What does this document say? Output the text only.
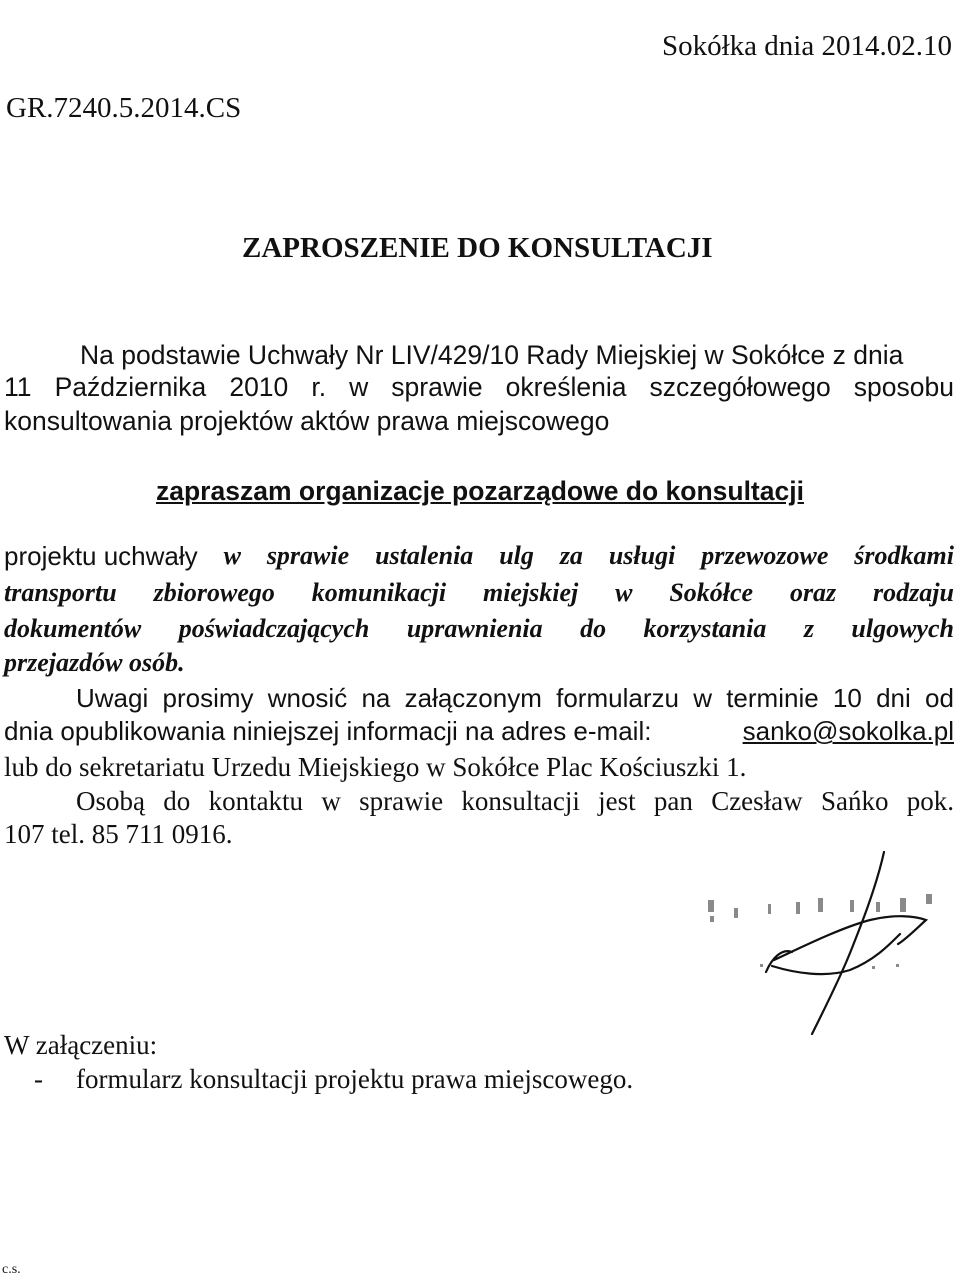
Sokółka dnia 2014.02.10
GR.7240.5.2014.CS
ZAPROSZENIE DO KONSULTACJI
Na podstawie Uchwały Nr LIV/429/10 Rady Miejskiej w Sokółce z dnia
11 Października 2010 r. w sprawie określenia szczegółowego sposobu
konsultowania projektów aktów prawa miejscowego
zapraszam organizacje pozarządowe do konsultacji
projektu uchwały w sprawie ustalenia ulg za usługi przewozowe środkami
transportu zbiorowego komunikacji miejskiej w Sokółce oraz rodzaju
dokumentów poświadczających uprawnienia do korzystania z ulgowych
przejazdów osób.
Uwagi prosimy wnosić na załączonym formularzu w terminie 10 dni od
dnia opublikowania niniejszej informacji na adres e-mail:	sanko@sokolka.pl
lub do sekretariatu Urzedu Miejskiego w Sokółce Plac Kościuszki 1.
Osobą do kontaktu w sprawie konsultacji jest pan Czesław Sańko pok.
107 tel. 85 711 0916.
W załączeniu:
- formularz konsultacji projektu prawa miejscowego.
c.s.
